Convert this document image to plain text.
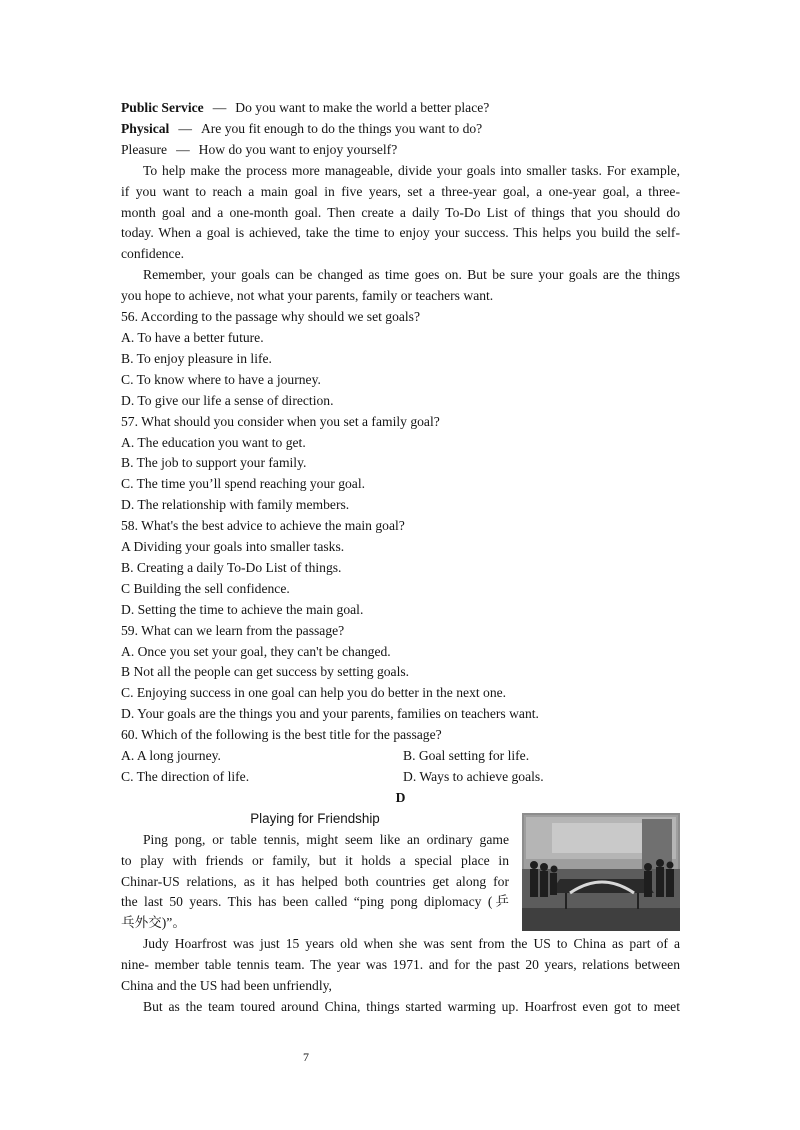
Public Service — Do you want to make the world a better place?
Physical — Are you fit enough to do the things you want to do?
Pleasure — How do you want to enjoy yourself?
To help make the process more manageable, divide your goals into smaller tasks. For example,
if you want to reach a main goal in five years, set a three-year goal, a one-year goal, a three-
month goal and a one-month goal. Then create a daily To-Do List of things that you should do
today. When a goal is achieved, take the time to enjoy your success. This helps you build the self-
confidence.
Remember, your goals can be changed as time goes on. But be sure your goals are the things
you hope to achieve, not what your parents, family or teachers want.
56. According to the passage why should we set goals?
A. To have a better future.
B. To enjoy pleasure in life.
C. To know where to have a journey.
D. To give our life a sense of direction.
57. What should you consider when you set a family goal?
A. The education you want to get.
B. The job to support your family.
C. The time you’ll spend reaching your goal.
D. The relationship with family members.
58. What's the best advice to achieve the main goal?
A Dividing your goals into smaller tasks.
B. Creating a daily To-Do List of things.
C Building the sell confidence.
D. Setting the time to achieve the main goal.
59. What can we learn from the passage?
A. Once you set your goal, they can't be changed.
B Not all the people can get success by setting goals.
C. Enjoying success in one goal can help you do better in the next one.
D. Your goals are the things you and your parents, families on teachers want.
60. Which of the following is the best title for the passage?
A. A long journey.	B. Goal setting for life.
C. The direction of life.	D. Ways to achieve goals.
D
Playing for Friendship
Ping pong, or table tennis, might seem like an ordinary game
to play with friends or family, but it holds a special place in
Chinar-US relations, as it has helped both countries get along for
the last 50 years. This has been called “ping pong diplomacy (乒
乓外交)”。
Judy Hoarfrost was just 15 years old when she was sent from the US to China as part of a
nine- member table tennis team. The year was 1971. and for the past 20 years, relations between
China and the US had been unfriendly,
But as the team toured around China, things started warming up. Hoarfrost even got to meet
7
